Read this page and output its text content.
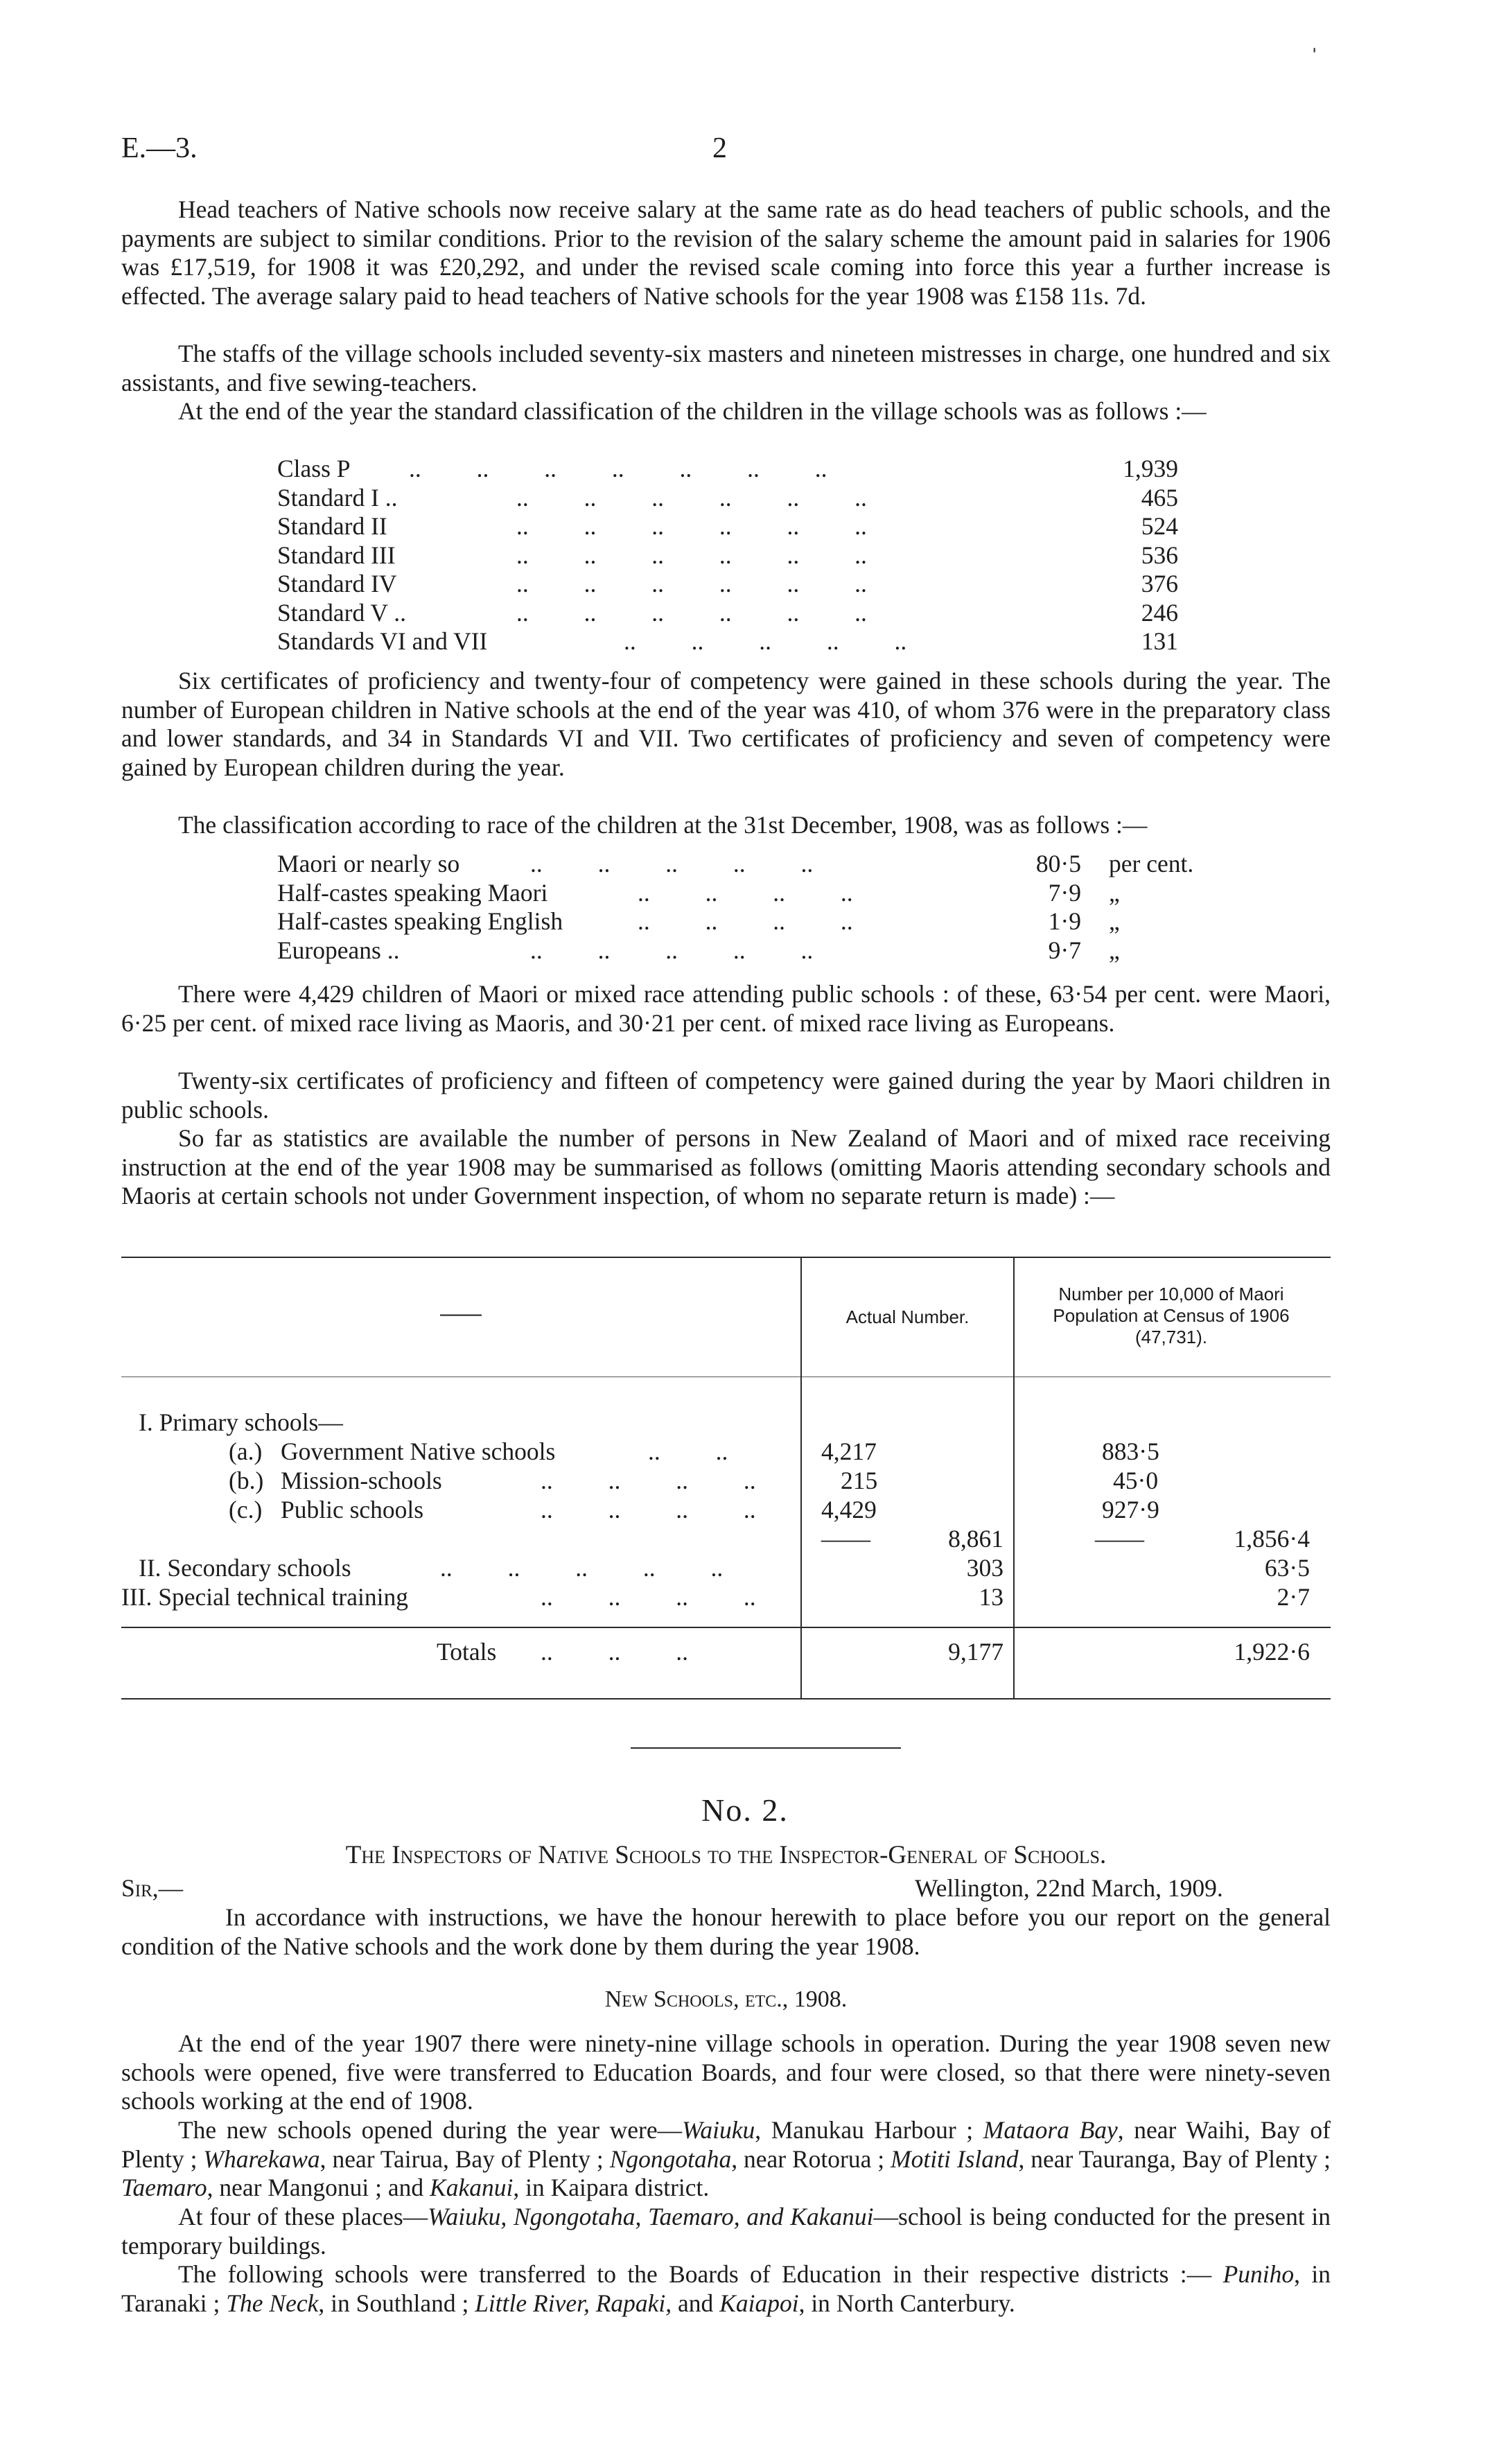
E.—3.	2
ˈ

Head teachers of Native schools now receive salary at the same rate as do head teachers of public schools, and the payments are subject to similar conditions. Prior to the revision of the salary scheme the amount paid in salaries for 1906 was £17,519, for 1908 it was £20,292, and under the revised scale coming into force this year a further increase is effected. The average salary paid to head teachers of Native schools for the year 1908 was £158 11s. 7d.

The staffs of the village schools included seventy-six masters and nineteen mistresses in charge, one hundred and six assistants, and five sewing-teachers.

At the end of the year the standard classification of the children in the village schools was as follows :—

Class P ..         ..         ..         ..         ..         ..         ..	1,939
Standard I ..	..         ..         ..         ..         ..         ..	465
Standard II	..         ..         ..         ..         ..         ..	524
Standard III	..         ..         ..         ..         ..         ..	536
Standard IV	..         ..         ..         ..         ..         ..	376
Standard V ..	..         ..         ..         ..         ..         ..	246
Standards VI and VII	..         ..         ..         ..         ..	131

Six certificates of proficiency and twenty-four of competency were gained in these schools during the year. The number of European children in Native schools at the end of the year was 410, of whom 376 were in the preparatory class and lower standards, and 34 in Standards VI and VII. Two certificates of proficiency and seven of competency were gained by European children during the year.

The classification according to race of the children at the 31st December, 1908, was as follows :—

Maori or nearly so	..         ..         ..         ..         ..	80·5 per cent.
Half-castes speaking Maori	..         ..         ..         ..	7·9 „
Half-castes speaking English	..         ..         ..         ..	1·9 „
Europeans ..	..         ..         ..         ..         ..	9·7 „

There were 4,429 children of Maori or mixed race attending public schools : of these, 63·54 per cent. were Maori, 6·25 per cent. of mixed race living as Maoris, and 30·21 per cent. of mixed race living as Europeans.

Twenty-six certificates of proficiency and fifteen of competency were gained during the year by Maori children in public schools.

So far as statistics are available the number of persons in New Zealand of Maori and of mixed race receiving instruction at the end of the year 1908 may be summarised as follows (omitting Maoris attending secondary schools and Maoris at certain schools not under Government inspection, of whom no separate return is made) :—

——	Actual Number.
Number per 10,000 of Maori Population at Census of 1906 (47,731).
I. Primary schools—
(a.) Government Native schools	..         ..	4,217	883·5
(b.) Mission-schools	..         ..         ..         ..	215	45·0
(c.) Public schools	..         ..         ..         ..	4,429	927·9
——	8,861	——	1,856·4
II. Secondary schools	..         ..         ..         ..         ..	303	63·5
III. Special technical training	..         ..         ..         ..	13	2·7
Totals ..         ..         ..	9,177	1,922·6
No. 2.

The Inspectors of Native Schools to the Inspector-General of Schools.

Sir,—	Wellington, 22nd March, 1909.

In accordance with instructions, we have the honour herewith to place before you our report on the general condition of the Native schools and the work done by them during the year 1908.

New Schools, etc., 1908.

At the end of the year 1907 there were ninety-nine village schools in operation. During the year 1908 seven new schools were opened, five were transferred to Education Boards, and four were closed, so that there were ninety-seven schools working at the end of 1908.

The new schools opened during the year were—Waiuku, Manukau Harbour ; Mataora Bay, near Waihi, Bay of Plenty ; Wharekawa, near Tairua, Bay of Plenty ; Ngongotaha, near Rotorua ; Motiti Island, near Tauranga, Bay of Plenty ; Taemaro, near Mangonui ; and Kakanui, in Kaipara district.

At four of these places—Waiuku, Ngongotaha, Taemaro, and Kakanui—school is being conducted for the present in temporary buildings.

The following schools were transferred to the Boards of Education in their respective districts :— Puniho, in Taranaki ; The Neck, in Southland ; Little River, Rapaki, and Kaiapoi, in North Canterbury.
